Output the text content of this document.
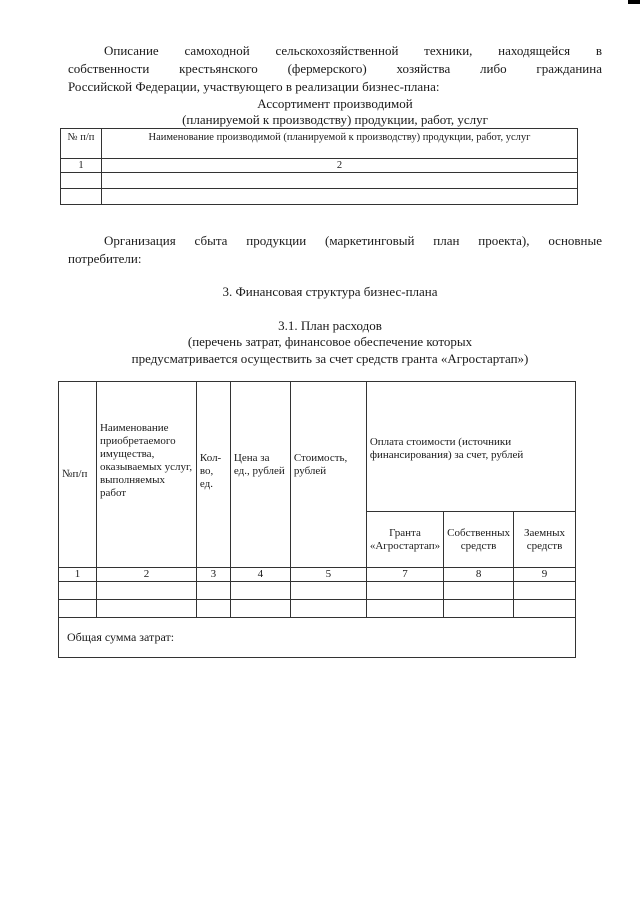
Описание самоходной сельскохозяйственной техники, находящейся в
собственности крестьянского (фермерского) хозяйства либо гражданина
Российской Федерации, участвующего в реализации бизнес-плана:
Ассортимент производимой
(планируемой к производству) продукции, работ, услуг
№ п/п	Наименование производимой (планируемой к производству) продукции, работ, услуг
1	2

Организация сбыта продукции (маркетинговый план проекта), основные
потребители:
3. Финансовая структура бизнес-плана
3.1. План расходов
(перечень затрат, финансовое обеспечение которых
предусматривается осуществить за счет средств гранта «Агростартап»)
№п/п	Наименование приобретаемого имущества, оказываемых услуг, выполняемых работ	Кол-во, ед.	Цена за ед., рублей	Стоимость, рублей	Оплата стоимости (источники финансирования) за счет, рублей		
					Гранта «Агростартап»	Собственных средств	Заемных средств
1	2	3	4	5	7	8	9

Общая сумма затрат:							
